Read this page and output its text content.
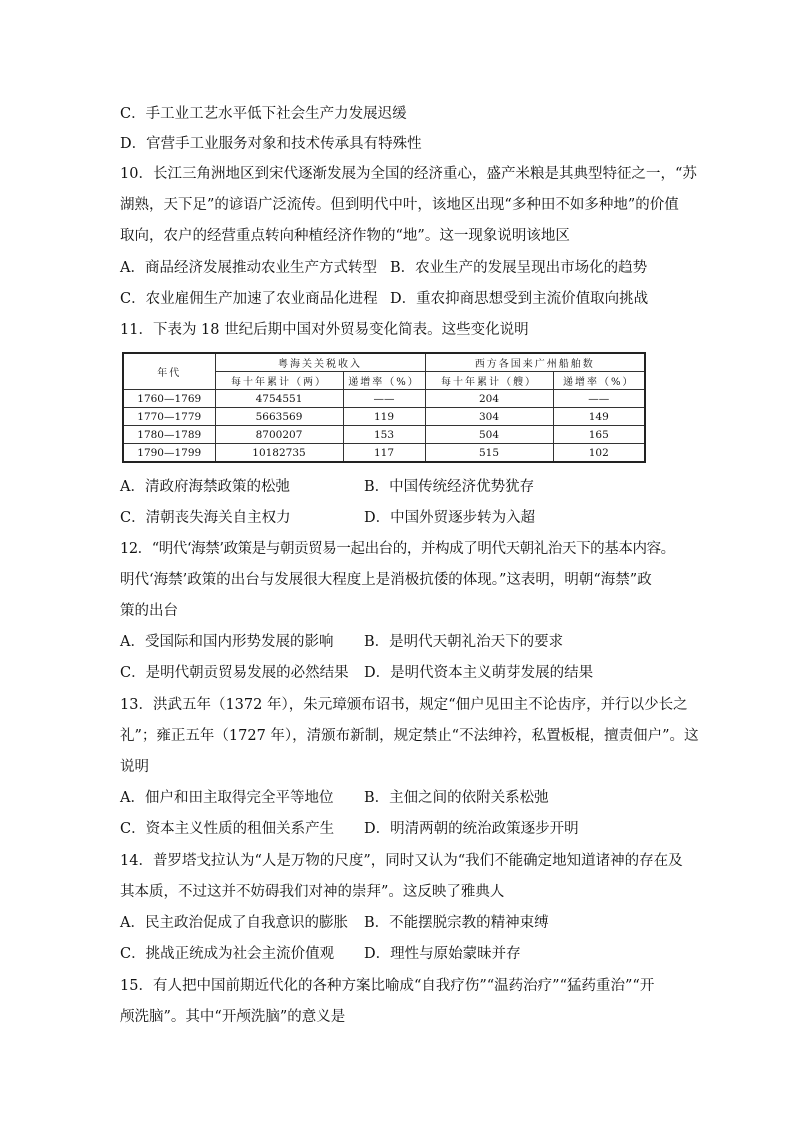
C．手工业工艺水平低下社会生产力发展迟缓
D．官营手工业服务对象和技术传承具有特殊性
10．长江三角洲地区到宋代逐渐发展为全国的经济重心，盛产米粮是其典型特征之一，“苏
湖熟，天下足”的谚语广泛流传。但到明代中叶，该地区出现“多种田不如多种地”的价值
取向，农户的经营重点转向种植经济作物的“地”。这一现象说明该地区
A．商品经济发展推动农业生产方式转型 B．农业生产的发展呈现出市场化的趋势
C．农业雇佣生产加速了农业商品化进程 D．重农抑商思想受到主流价值取向挑战
11．下表为 18 世纪后期中国对外贸易变化简表。这些变化说明
年代	粤海关关税收入		西方各国来广州船舶数	
	每十年累计（两）	递增率（%）	每十年累计（艘）	递增率（%）
1760—1769	4754551	——	204	——
1770—1779	5663569	119	304	149
1780—1789	8700207	153	504	165
1790—1799	10182735	117	515	102
A．清政府海禁政策的松弛	B．中国传统经济优势犹存
C．清朝丧失海关自主权力	D．中国外贸逐步转为入超
12．“明代‘海禁’政策是与朝贡贸易一起出台的，并构成了明代天朝礼治天下的基本内容。
明代‘海禁’政策的出台与发展很大程度上是消极抗倭的体现。”这表明，明朝“海禁”政
策的出台
A．受国际和国内形势发展的影响 B．是明代天朝礼治天下的要求
C．是明代朝贡贸易发展的必然结果 D．是明代资本主义萌芽发展的结果
13．洪武五年（1372 年），朱元璋颁布诏书，规定“佃户见田主不论齿序，并行以少长之
礼”；雍正五年（1727 年），清颁布新制，规定禁止“不法绅衿，私置板棍，擅责佃户”。这
说明
A．佃户和田主取得完全平等地位 B．主佃之间的依附关系松弛
C．资本主义性质的租佃关系产生 D．明清两朝的统治政策逐步开明
14．普罗塔戈拉认为“人是万物的尺度”，同时又认为“我们不能确定地知道诸神的存在及
其本质，不过这并不妨碍我们对神的崇拜”。这反映了雅典人
A．民主政治促成了自我意识的膨胀 B．不能摆脱宗教的精神束缚
C．挑战正统成为社会主流价值观 D．理性与原始蒙昧并存
15．有人把中国前期近代化的各种方案比喻成“自我疗伤”“温药治疗”“猛药重治”“开
颅洗脑”。其中“开颅洗脑”的意义是
